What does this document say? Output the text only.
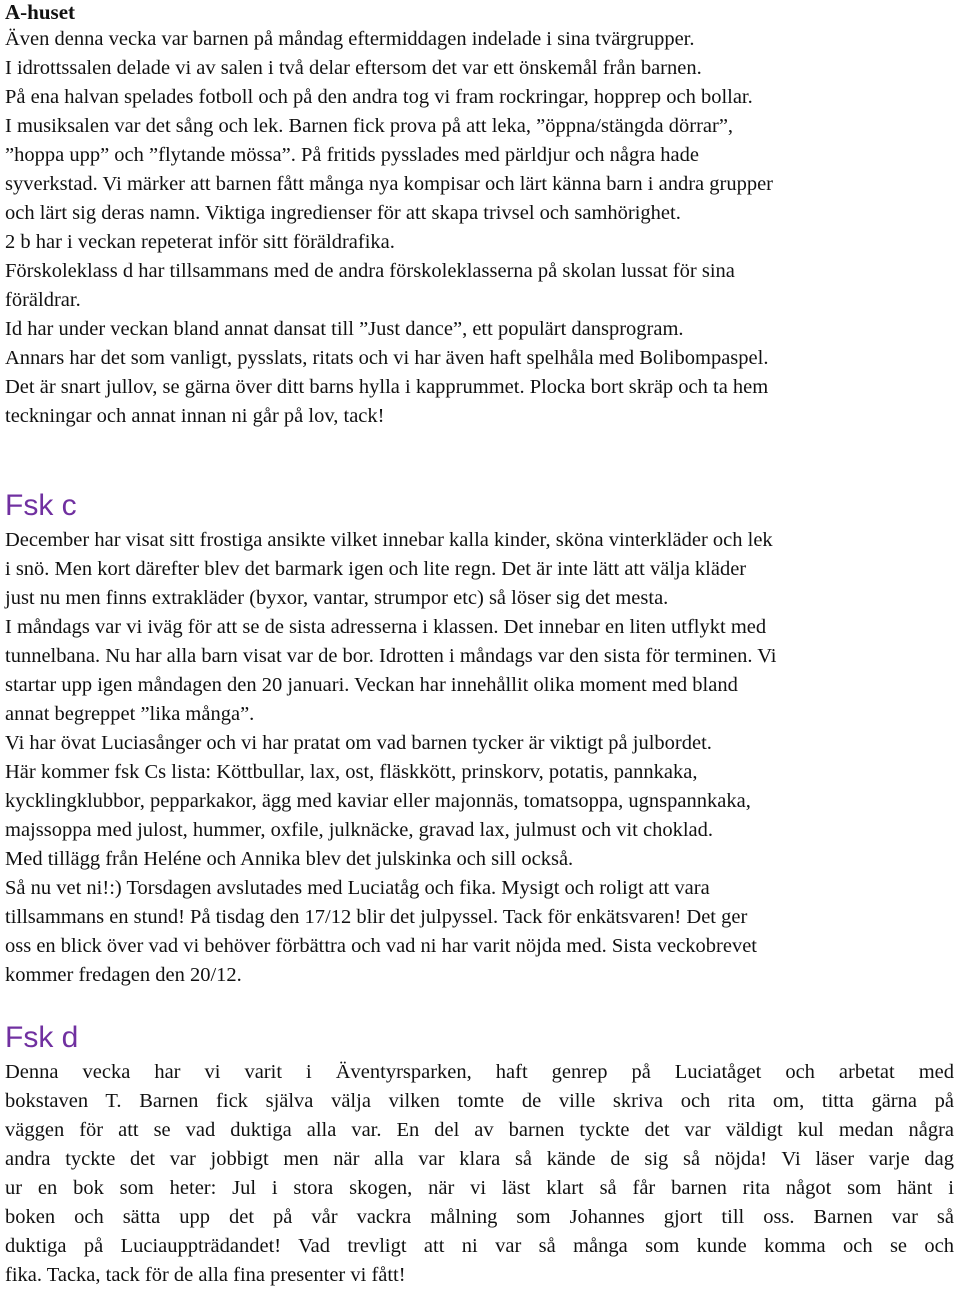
A-huset
Även denna vecka var barnen på måndag eftermiddagen indelade i sina tvärgrupper.
I idrottssalen delade vi av salen i två delar eftersom det var ett önskemål från barnen.
På ena halvan spelades fotboll och på den andra tog vi fram rockringar, hopprep och bollar.
I musiksalen var det sång och lek. Barnen fick prova på att leka, ”öppna/stängda dörrar”,
”hoppa upp” och ”flytande mössa”. På fritids pysslades med pärldjur och några hade
syverkstad. Vi märker att barnen fått många nya kompisar och lärt känna barn i andra grupper
och lärt sig deras namn. Viktiga ingredienser för att skapa trivsel och samhörighet.
2 b har i veckan repeterat inför sitt föräldrafika.
Förskoleklass d har tillsammans med de andra förskoleklasserna på skolan lussat för sina
föräldrar.
Id har under veckan bland annat dansat till ”Just dance”, ett populärt dansprogram.
Annars har det som vanligt, pysslats, ritats och vi har även haft spelhåla med Bolibompaspel.
Det är snart jullov, se gärna över ditt barns hylla i kapprummet. Plocka bort skräp och ta hem
teckningar och annat innan ni går på lov, tack!
Fsk c
December har visat sitt frostiga ansikte vilket innebar kalla kinder, sköna vinterkläder och lek
i snö. Men kort därefter blev det barmark igen och lite regn. Det är inte lätt att välja kläder
just nu men finns extrakläder (byxor, vantar, strumpor etc) så löser sig det mesta.
I måndags var vi iväg för att se de sista adresserna i klassen. Det innebar en liten utflykt med
tunnelbana. Nu har alla barn visat var de bor. Idrotten i måndags var den sista för terminen. Vi
startar upp igen måndagen den 20 januari. Veckan har innehållit olika moment med bland
annat begreppet ”lika många”.
Vi har övat Luciasånger och vi har pratat om vad barnen tycker är viktigt på julbordet.
Här kommer fsk Cs lista: Köttbullar, lax, ost, fläskkött, prinskorv, potatis, pannkaka,
kycklingklubbor, pepparkakor, ägg med kaviar eller majonnäs, tomatsoppa, ugnspannkaka,
majssoppa med julost, hummer, oxfile, julknäcke, gravad lax, julmust och vit choklad.
Med tillägg från Heléne och Annika blev det julskinka och sill också.
Så nu vet ni!:) Torsdagen avslutades med Luciatåg och fika. Mysigt och roligt att vara
tillsammans en stund! På tisdag den 17/12 blir det julpyssel. Tack för enkätsvaren! Det ger
oss en blick över vad vi behöver förbättra och vad ni har varit nöjda med. Sista veckobrevet
kommer fredagen den 20/12.
Fsk d
Denna vecka har vi varit i Äventyrsparken, haft genrep på Luciatåget och arbetat med
bokstaven T. Barnen fick själva välja vilken tomte de ville skriva och rita om, titta gärna på
väggen för att se vad duktiga alla var. En del av barnen tyckte det var väldigt kul medan några
andra tyckte det var jobbigt men när alla var klara så kände de sig så nöjda! Vi läser varje dag
ur en bok som heter: Jul i stora skogen, när vi läst klart så får barnen rita något som hänt i
boken och sätta upp det på vår vackra målning som Johannes gjort till oss. Barnen var så
duktiga på Luciauppträdandet! Vad trevligt att ni var så många som kunde komma och se och
fika. Tacka, tack för de alla fina presenter vi fått!
